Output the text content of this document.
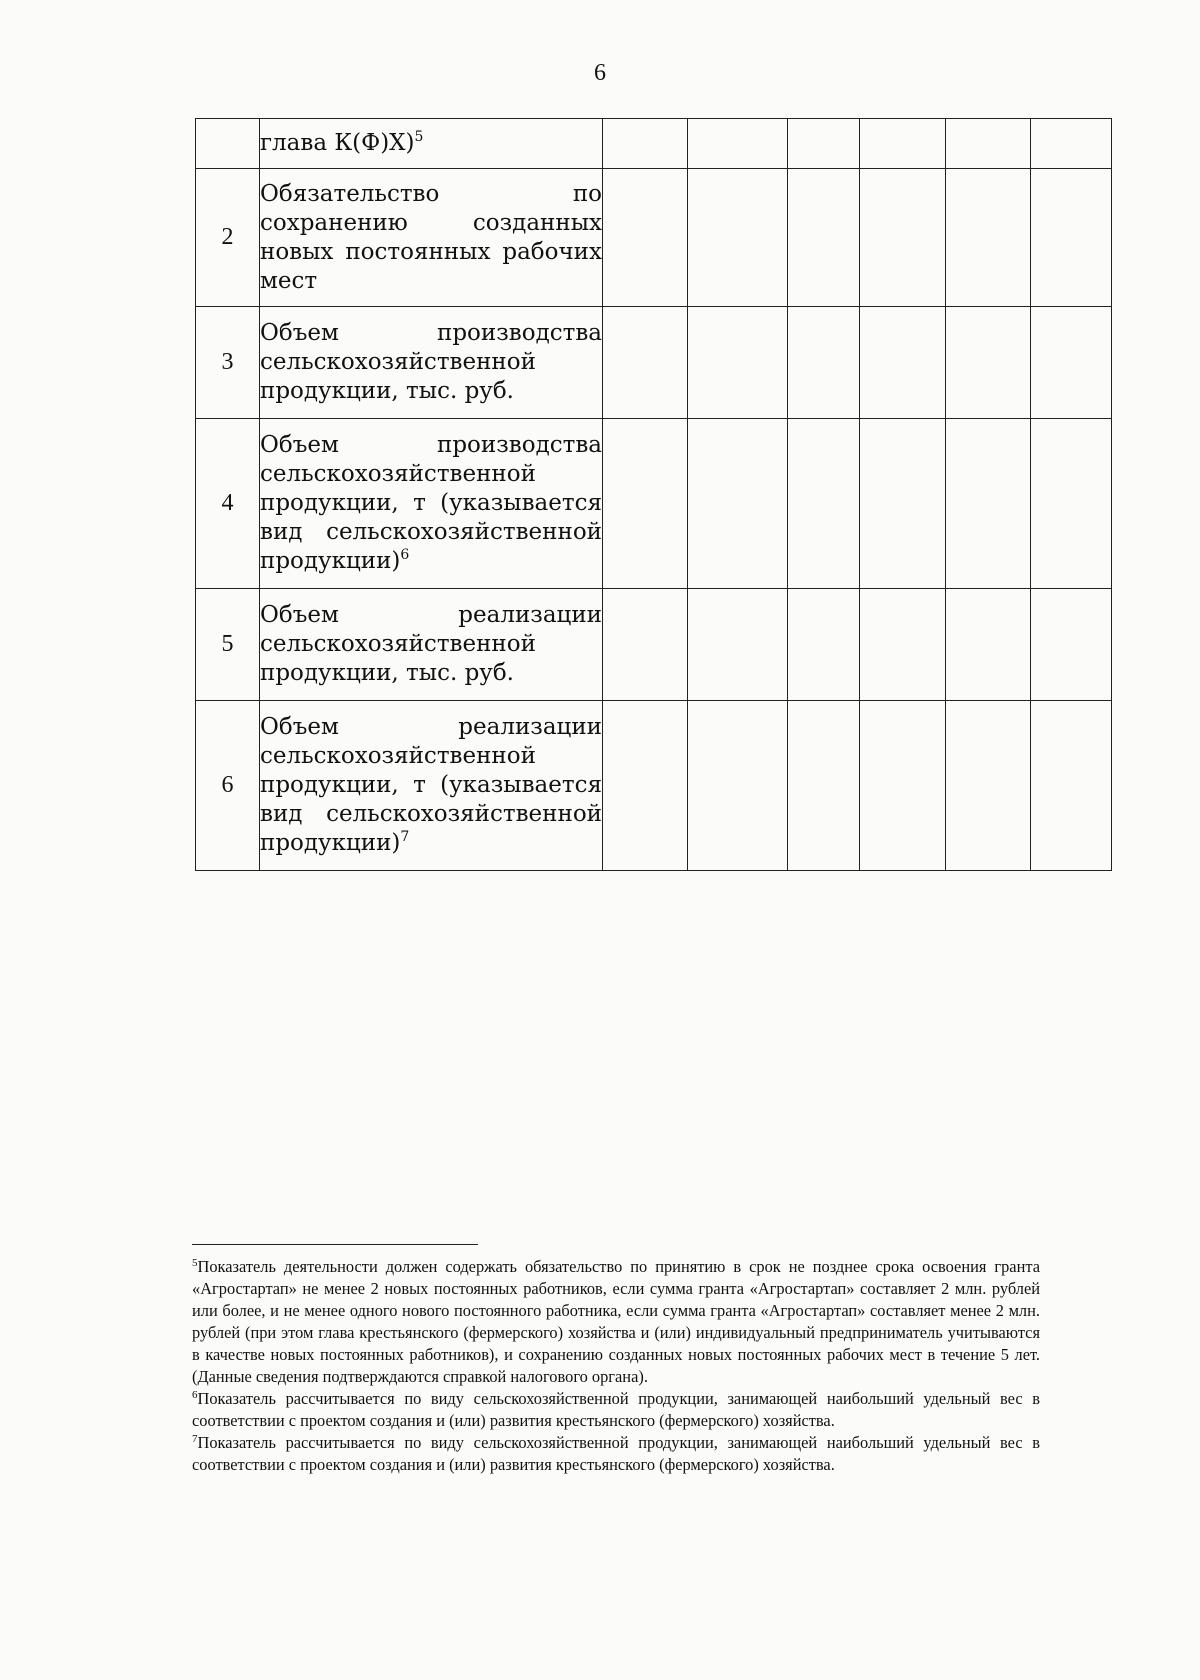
6
	глава К(Ф)Х)$^5$						
2	Обязательство по сохранению созданных новых постоянных рабочих мест						
3	Объем производства сельскохозяйственной продукции, тыс. руб.						
4	Объем производства сельскохозяйственной продукции, т (указывается вид сельскохозяйственной продукции)$^6$						
5	Объем реализации сельскохозяйственной продукции, тыс. руб.						
6	Объем реализации сельскохозяйственной продукции, т (указывается вид сельскохозяйственной продукции)$^7$						

$^5$Показатель деятельности должен содержать обязательство по принятию в срок не позднее срока освоения гранта «Агростартап» не менее 2 новых постоянных работников, если сумма гранта «Агростартап» составляет 2 млн. рублей или более, и не менее одного нового постоянного работника, если сумма гранта «Агростартап» составляет менее 2 млн. рублей (при этом глава крестьянского (фермерского) хозяйства и (или) индивидуальный предприниматель учитываются в качестве новых постоянных работников), и сохранению созданных новых постоянных рабочих мест в течение 5 лет. (Данные сведения подтверждаются справкой налогового органа).

$^6$Показатель рассчитывается по виду сельскохозяйственной продукции, занимающей наибольший удельный вес в соответствии с проектом создания и (или) развития крестьянского (фермерского) хозяйства.

$^7$Показатель рассчитывается по виду сельскохозяйственной продукции, занимающей наибольший удельный вес в соответствии с проектом создания и (или) развития крестьянского (фермерского) хозяйства.
